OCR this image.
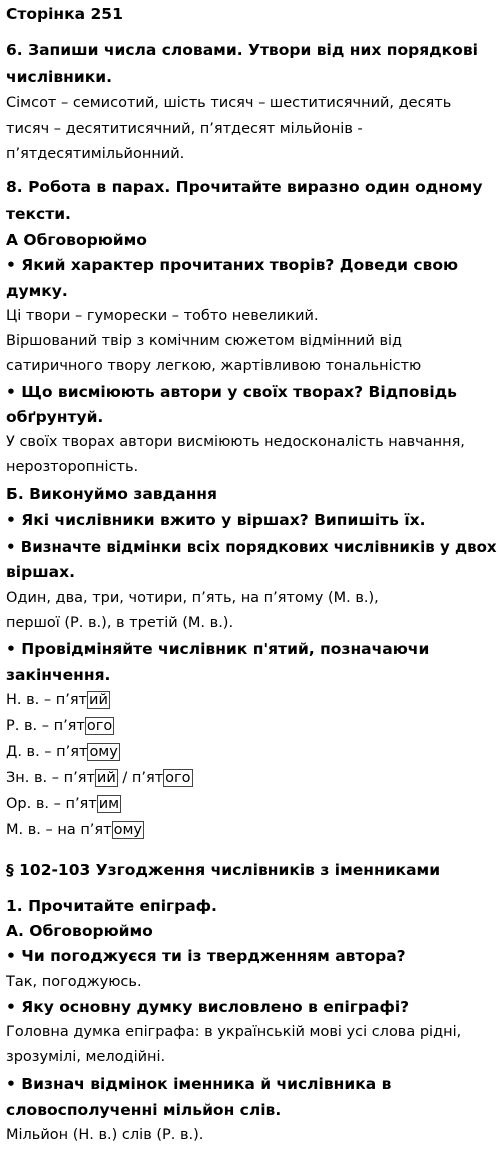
Сторінка 251
6. Запиши числа словами. Утвори від них порядкові
числівники.
Сімсот – семисотий, шість тисяч – шеститисячний, десять
тисяч – десятитисячний, п’ятдесят мільйонів -
п’ятдесятимільйонний.
8. Робота в парах. Прочитайте виразно один одному
тексти.
А Обговорюймо
• Який характер прочитаних творів? Доведи свою
думку.
Ці твори – гуморески – тобто невеликий.
Віршований твір з комічним сюжетом відмінний від
сатиричного твору легкою, жартівливою тональністю
• Що висміюють автори у своїх творах? Відповідь
обґрунтуй.
У своїх творах автори висміюють недосконалість навчання,
нерозторопність.
Б. Виконуймо завдання
• Які числівники вжито у віршах? Випишіть їх.
• Визначте відмінки всіх порядкових числівників у двох
віршах.
Один, два, три, чотири, п’ять, на п’ятому (М. в.),
першої (Р. в.), в третій (М. в.).
• Провідміняйте числівник п'ятий, позначаючи
закінчення.
Н. в. – п’ят ий
Р. в. – п’ят ого
Д. в. – п’ят ому
Зн. в. – п’ят ий / п’ят ого
Ор. в. – п’ят им
М. в. – на п’ят ому
§ 102-103 Узгодження числівників з іменниками
1. Прочитайте епіграф.
А. Обговорюймо
• Чи погоджуєся ти із твердженням автора?
Так, погоджуюсь.
• Яку основну думку висловлено в епіграфі?
Головна думка епіграфа: в українській мові усі слова рідні,
зрозумілі, мелодійні.
• Визнач відмінок іменника й числівника в
словосполученні мільйон слів.
Мільйон (Н. в.) слів (Р. в.).
